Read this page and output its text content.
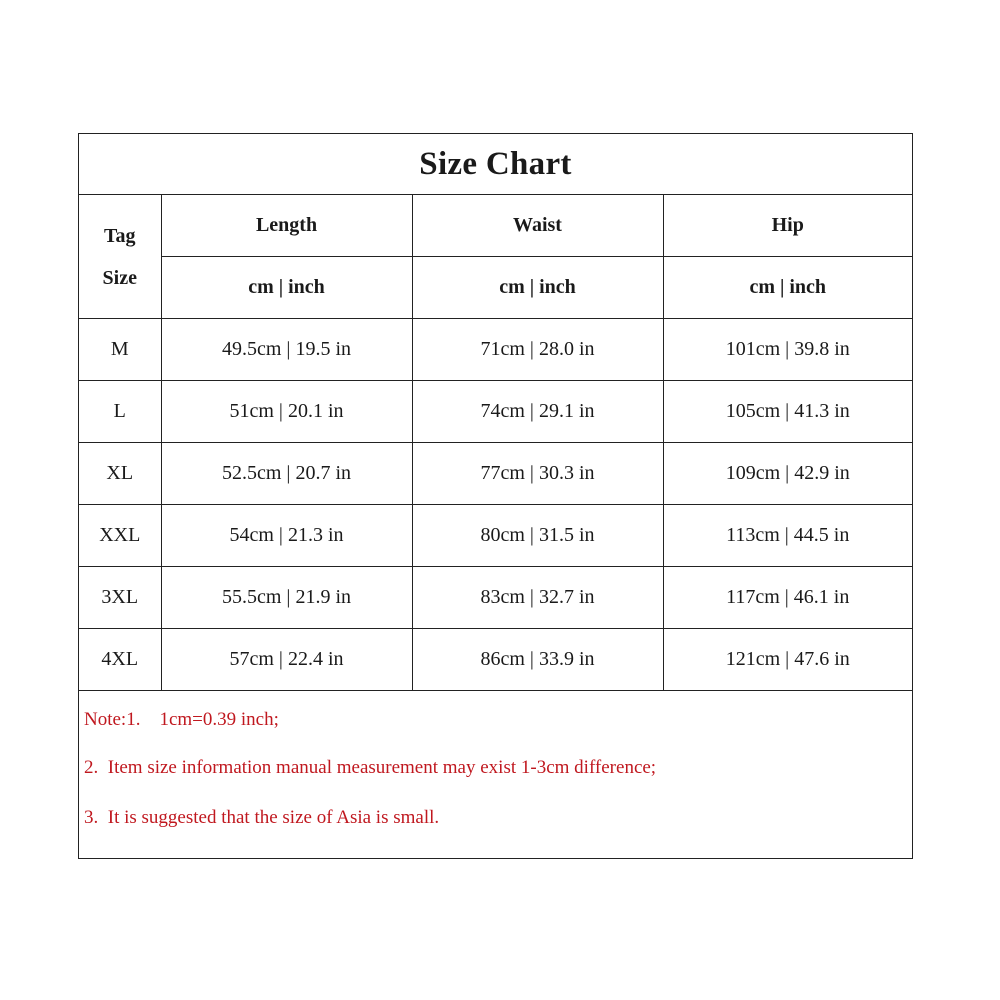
Size Chart
Tag
Size	Length	Waist	Hip
	cm | inch	cm | inch	cm | inch
M	49.5cm | 19.5 in	71cm | 28.0 in	101cm | 39.8 in
L	51cm | 20.1 in	74cm | 29.1 in	105cm | 41.3 in
XL	52.5cm | 20.7 in	77cm | 30.3 in	109cm | 42.9 in
XXL	54cm | 21.3 in	80cm | 31.5 in	113cm | 44.5 in
3XL	55.5cm | 21.9 in	83cm | 32.7 in	117cm | 46.1 in
4XL	57cm | 22.4 in	86cm | 33.9 in	121cm | 47.6 in
Note:1.    1cm=0.39 inch;
2.  Item size information manual measurement may exist 1-3cm difference;
3.  It is suggested that the size of Asia is small.
